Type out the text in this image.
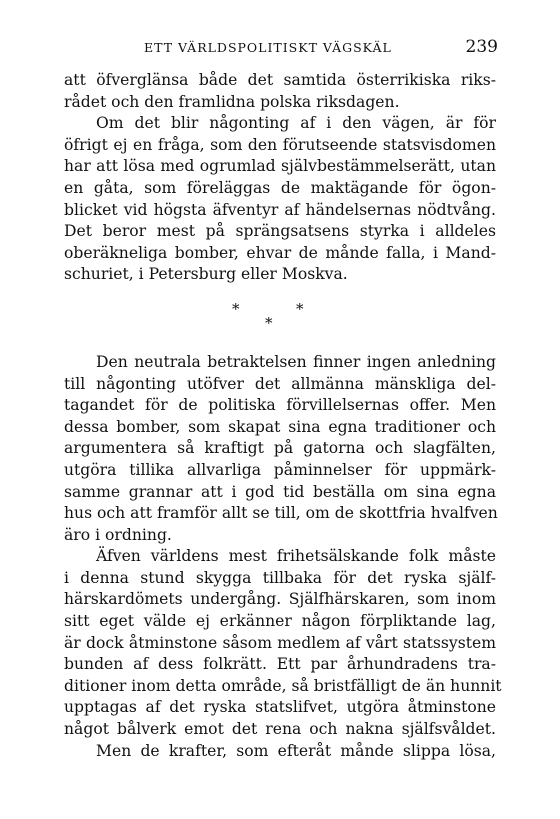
ETT VÄRLDSPOLITISKT VÄGSKÄL	239
att öfverglänsa både det samtida österrikiska riks-
rådet och den framlidna polska riksdagen.
Om det blir någonting af i den vägen, är för
öfrigt ej en fråga, som den förutseende statsvisdomen
har att lösa med ogrumlad självbestämmelserätt, utan
en gåta, som föreläggas de maktägande för ögon-
blicket vid högsta äfventyr af händelsernas nödtvång.
Det beror mest på sprängsatsens styrka i alldeles
oberäkneliga bomber, ehvar de månde falla, i Mand-
schuriet, i Petersburg eller Moskva.
*	*
*
Den neutrala betraktelsen finner ingen anledning
till någonting utöfver det allmänna mänskliga del-
tagandet för de politiska förvillelsernas offer. Men
dessa bomber, som skapat sina egna traditioner och
argumentera så kraftigt på gatorna och slagfälten,
utgöra tillika allvarliga påminnelser för uppmärk-
samme grannar att i god tid beställa om sina egna
hus och att framför allt se till, om de skottfria hvalfven
äro i ordning.
Äfven världens mest frihetsälskande folk måste
i denna stund skygga tillbaka för det ryska själf-
härskardömets undergång. Själfhärskaren, som inom
sitt eget välde ej erkänner någon förpliktande lag,
är dock åtminstone såsom medlem af vårt statssystem
bunden af dess folkrätt. Ett par århundradens tra-
ditioner inom detta område, så bristfälligt de än hunnit
upptagas af det ryska statslifvet, utgöra åtminstone
något bålverk emot det rena och nakna själfsvåldet.
Men de krafter, som efteråt månde slippa lösa,
